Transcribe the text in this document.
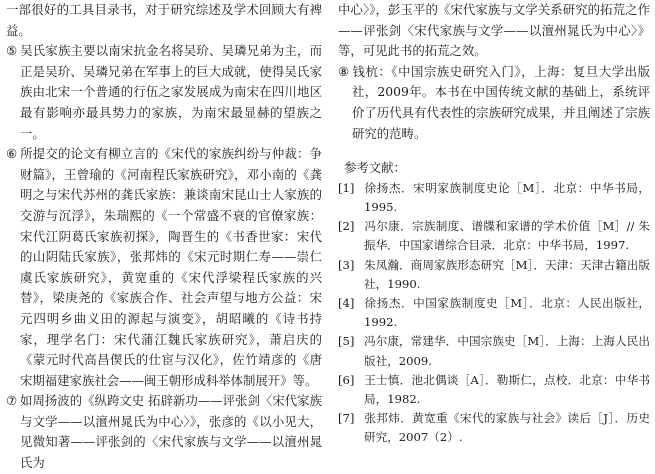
一部很好的工具目录书，对于研究综述及学术回顾大有裨益。

⑤ 吴氏家族主要以南宋抗金名将吴玠、吴璘兄弟为主，而正是吴玠、吴璘兄弟在军事上的巨大成就，使得吴氏家族由北宋一个普通的行伍之家发展成为南宋在四川地区最有影响亦最具势力的家族，为南宋最显赫的望族之一。

⑥ 所提交的论文有柳立言的《宋代的家族纠纷与仲裁：争财篇》，王曾瑜的《河南程氏家族研究》，邓小南的《龚明之与宋代苏州的龚氏家族：兼谈南宋昆山士人家族的交游与沉浮》，朱瑞熙的《一个常盛不衰的官僚家族：宋代江阴葛氏家族初探》，陶晋生的《书香世家：宋代的山阴陆氏家族》，张邦炜的《宋元时期仁寿——崇仁虞氏家族研究》，黄宽重的《宋代浮梁程氏家族的兴替》，梁庚尧的《家族合作、社会声望与地方公益：宋元四明乡曲义田的源起与演变》，胡昭曦的《诗书持家，理学名门：宋代蒲江魏氏家族研究》，萧启庆的《蒙元时代高昌偰氏的仕宦与汉化》，佐竹靖彦的《唐宋期福建家族社会——闽王朝形成科举体制展开》等。

⑦ 如周扬波的《纵跨文史 拓辟新功——评张剑〈宋代家族与文学——以澶州晁氏为中心〉》，张彦的《以小见大，见微知著——评张剑的〈宋代家族与文学——以澶州晁氏为

中心〉》，彭玉平的《宋代家族与文学关系研究的拓荒之作——评张剑〈宋代家族与文学——以澶州晁氏为中心〉》等，可见此书的拓荒之效。

⑧ 钱杭：《中国宗族史研究入门》，上海：复旦大学出版社，2009年。本书在中国传统文献的基础上，系统评价了历代具有代表性的宗族研究成果，并且阐述了宗族研究的范畴。

参考文献：

[1] 徐扬杰．宋明家族制度史论［M］．北京：中华书局，1995.

[2] 冯尔康．宗族制度、谱牒和家谱的学术价值［M］// 朱振华．中国家谱综合目录．北京：中华书局，1997.

[3] 朱凤瀚．商周家族形态研究［M］．天津：天津古籍出版社，1990.

[4] 徐扬杰．中国家族制度史［M］．北京：人民出版社，1992.

[5] 冯尔康，常建华．中国宗族史［M］．上海：上海人民出版社，2009.

[6] 王士慎．池北偶谈［A］．勒斯仁，点校．北京：中华书局，1982.

[7] 张邦炜．黄宽重《宋代的家族与社会》读后［J］．历史研究，2007（2）.
